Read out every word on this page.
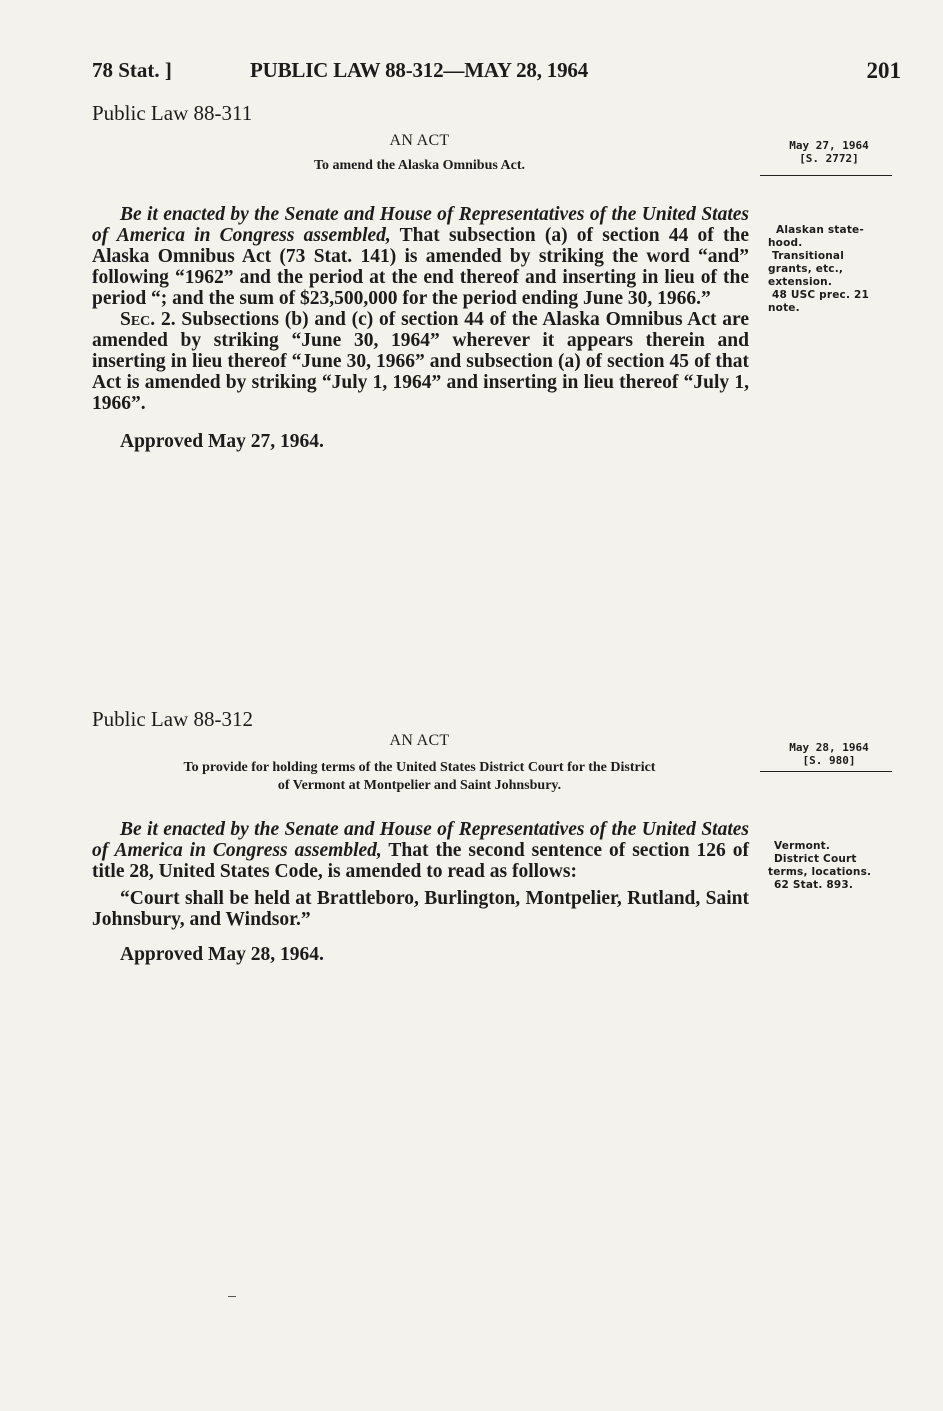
78 Stat. ]	PUBLIC LAW 88-312—MAY 28, 1964	201
Public Law 88-311
AN ACT
To amend the Alaska Omnibus Act.
May 27, 1964
[S. 2772]

Be it enacted by the Senate and House of Representatives of the United States of America in Congress assembled, That subsection (a) of section 44 of the Alaska Omnibus Act (73 Stat. 141) is amended by striking the word “and” following “1962” and the period at the end thereof and inserting in lieu of the period “; and the sum of $23,500,000 for the period ending June 30, 1966.”

Sec. 2. Subsections (b) and (c) of section 44 of the Alaska Omnibus Act are amended by striking “June 30, 1964” wherever it appears therein and inserting in lieu thereof “June 30, 1966” and subsection (a) of section 45 of that Act is amended by striking “July 1, 1964” and inserting in lieu thereof “July 1, 1966”.

Approved May 27, 1964.
Alaskan state-
hood.
Transitional
grants, etc.,
extension.
48 USC prec. 21
note.
Public Law 88-312
AN ACT
To provide for holding terms of the United States District Court for the District
of Vermont at Montpelier and Saint Johnsbury.
May 28, 1964
[S. 980]

Be it enacted by the Senate and House of Representatives of the United States of America in Congress assembled, That the second sentence of section 126 of title 28, United States Code, is amended to read as follows:

“Court shall be held at Brattleboro, Burlington, Montpelier, Rutland, Saint Johnsbury, and Windsor.”

Approved May 28, 1964.
Vermont.
District Court
terms, locations.
62 Stat. 893.
